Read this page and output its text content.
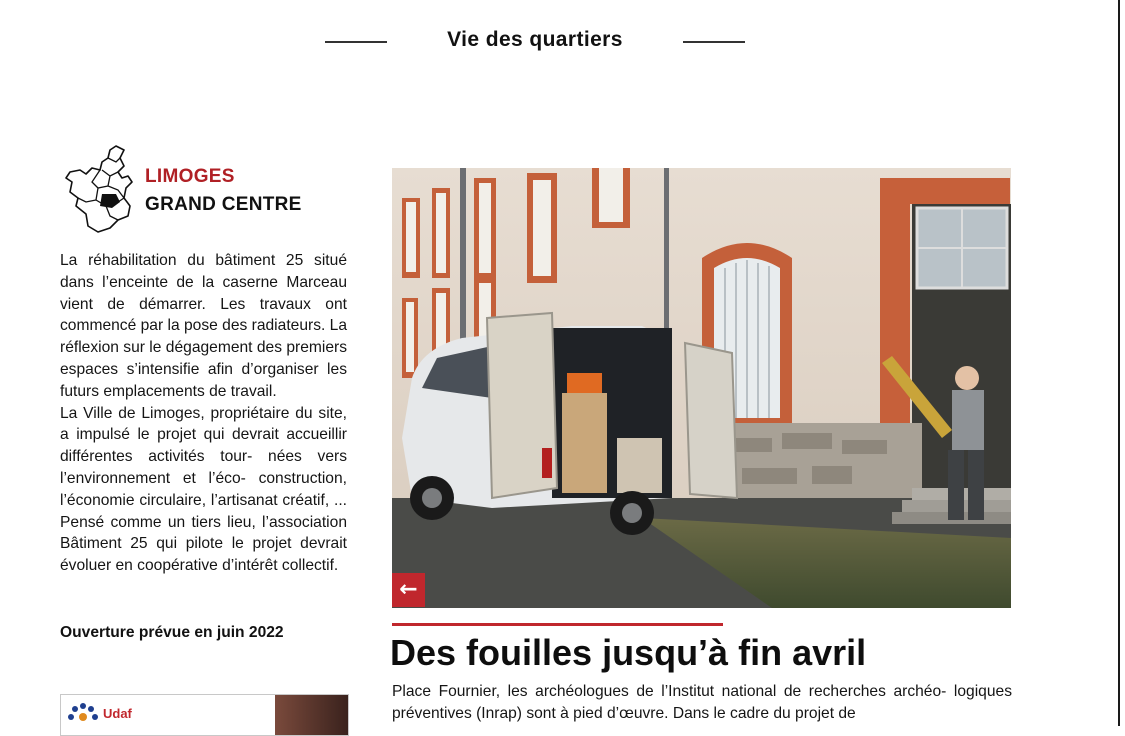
Vie des quartiers
LIMOGES
GRAND CENTRE

La réhabilitation du bâtiment 25 situé dans l’enceinte de la caserne Marceau vient de démarrer. Les travaux ont commencé par la pose des radiateurs. La réflexion sur le dégagement des premiers espaces s’intensifie afin d’organiser les futurs emplacements de travail.

La Ville de Limoges, propriétaire du site, a impulsé le projet qui devrait accueillir différentes activités tour- nées vers l’environnement et l’éco- construction, l’économie circulaire, l’artisanat créatif, ... Pensé comme un tiers lieu, l’association Bâtiment 25 qui pilote le projet devrait évoluer en coopérative d’intérêt collectif.

Ouverture prévue en juin 2022
Udaf
←
Des fouilles jusqu’à fin avril

Place Fournier, les archéologues de l’Institut national de recherches archéo- logiques préventives (Inrap) sont à pied d’œuvre. Dans le cadre du projet de
